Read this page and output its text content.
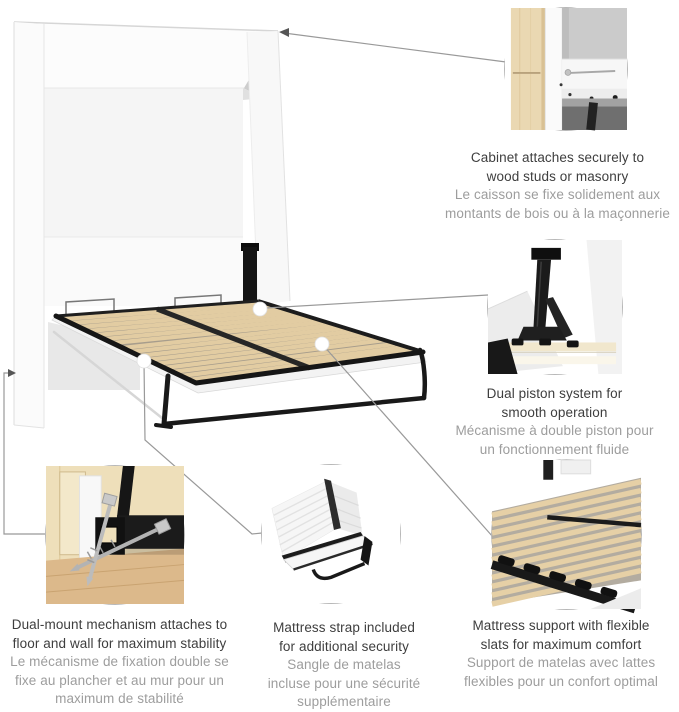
Cabinet attaches securely to
wood studs or masonry
Le caisson se fixe solidement aux
montants de bois ou à la maçonnerie
Dual piston system for
smooth operation
Mécanisme à double piston pour
un fonctionnement fluide
Dual-mount mechanism attaches to
floor and wall for maximum stability
Le mécanisme de fixation double se
fixe au plancher et au mur pour un
maximum de stabilité
Mattress strap included
for additional security
Sangle de matelas
incluse pour une sécurité
supplémentaire
Mattress support with flexible
slats for maximum comfort
Support de matelas avec lattes
flexibles pour un confort optimal
